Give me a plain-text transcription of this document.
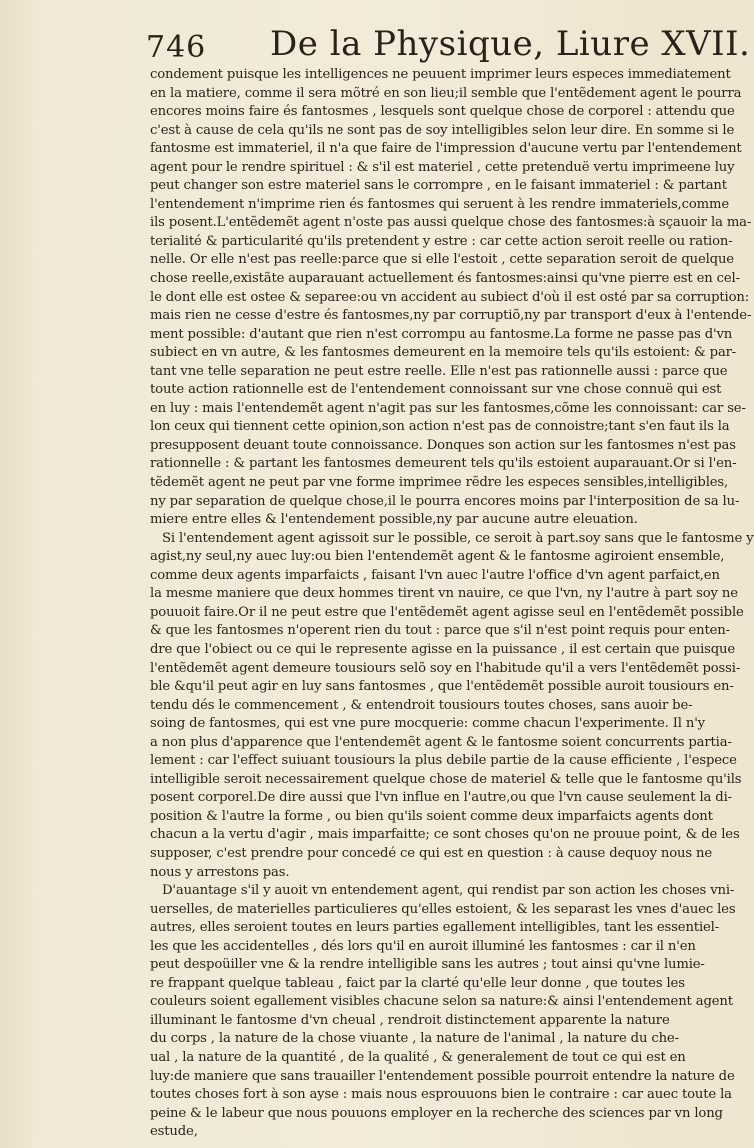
746 De la Physique, Liure XVII.
condement puisque les intelligences ne peuuent imprimer leurs especes immediatement
en la matiere, comme il sera mõtré en son lieu;il semble que l'entẽdement agent le pourra
encores moins faire és fantosmes , lesquels sont quelque chose de corporel : attendu que
c'est à cause de cela qu'ils ne sont pas de soy intelligibles selon leur dire. En somme si le
fantosme est immateriel, il n'a que faire de l'impression d'aucune vertu par l'entendement
agent pour le rendre spirituel : & s'il est materiel , cette pretenduë vertu imprimeene luy
peut changer son estre materiel sans le corrompre , en le faisant immateriel : & partant
l'entendement n'imprime rien és fantosmes qui seruent à les rendre immateriels,comme
ils posent.L'entẽdemẽt agent n'oste pas aussi quelque chose des fantosmes:à sçauoir la ma-
terialité & particularité qu'ils pretendent y estre : car cette action seroit reelle ou ration-
nelle. Or elle n'est pas reelle:parce que si elle l'estoit , cette separation seroit de quelque
chose reelle,existãte auparauant actuellement és fantosmes:ainsi qu'vne pierre est en cel-
le dont elle est ostee & separee:ou vn accident au subiect d'où il est osté par sa corruption:
mais rien ne cesse d'estre és fantosmes,ny par corruptiõ,ny par transport d'eux à l'entende-
ment possible: d'autant que rien n'est corrompu au fantosme.La forme ne passe pas d'vn
subiect en vn autre, & les fantosmes demeurent en la memoire tels qu'ils estoient: & par-
tant vne telle separation ne peut estre reelle. Elle n'est pas rationnelle aussi : parce que
toute action rationnelle est de l'entendement connoissant sur vne chose connuë qui est
en luy : mais l'entendemẽt agent n'agit pas sur les fantosmes,cõme les connoissant: car se-
lon ceux qui tiennent cette opinion,son action n'est pas de connoistre;tant s'en faut ils la
presupposent deuant toute connoissance. Donques son action sur les fantosmes n'est pas
rationnelle : & partant les fantosmes demeurent tels qu'ils estoient auparauant.Or si l'en-
tẽdemẽt agent ne peut par vne forme imprimee rẽdre les especes sensibles,intelligibles,
ny par separation de quelque chose,il le pourra encores moins par l'interposition de sa lu-
miere entre elles & l'entendement possible,ny par aucune autre eleuation.
Si l'entendement agent agissoit sur le possible, ce seroit à part.soy sans que le fantosme y
agist,ny seul,ny auec luy:ou bien l'entendemẽt agent & le fantosme agiroient ensemble,
comme deux agents imparfaicts , faisant l'vn auec l'autre l'office d'vn agent parfaict,en
la mesme maniere que deux hommes tirent vn nauire, ce que l'vn, ny l'autre à part soy ne
pouuoit faire.Or il ne peut estre que l'entẽdemẽt agent agisse seul en l'entẽdemẽt possible
& que les fantosmes n'operent rien du tout : parce que s'il n'est point requis pour enten-
dre que l'obiect ou ce qui le represente agisse en la puissance , il est certain que puisque
l'entẽdemẽt agent demeure tousiours selõ soy en l'habitude qu'il a vers l'entẽdemẽt possi-
ble &qu'il peut agir en luy sans fantosmes , que l'entẽdemẽt possible auroit tousiours en-
tendu dés le commencement , & entendroit tousiours toutes choses, sans auoir be-
soing de fantosmes, qui est vne pure mocquerie: comme chacun l'experimente. Il n'y
a non plus d'apparence que l'entendemẽt agent & le fantosme soient concurrents partia-
lement : car l'effect suiuant tousiours la plus debile partie de la cause efficiente , l'espece
intelligible seroit necessairement quelque chose de materiel & telle que le fantosme qu'ils
posent corporel.De dire aussi que l'vn influe en l'autre,ou que l'vn cause seulement la di-
position & l'autre la forme , ou bien qu'ils soient comme deux imparfaicts agents dont
chacun a la vertu d'agir , mais imparfaitte; ce sont choses qu'on ne prouue point, & de les
supposer, c'est prendre pour concedé ce qui est en question : à cause dequoy nous ne
nous y arrestons pas.
D'auantage s'il y auoit vn entendement agent, qui rendist par son action les choses vni-
uerselles, de materielles particulieres qu'elles estoient, & les separast les vnes d'auec les
autres, elles seroient toutes en leurs parties egallement intelligibles, tant les essentiel-
les que les accidentelles , dés lors qu'il en auroit illuminé les fantosmes : car il n'en
peut despoüiller vne & la rendre intelligible sans les autres ; tout ainsi qu'vne lumie-
re frappant quelque tableau , faict par la clarté qu'elle leur donne , que toutes les
couleurs soient egallement visibles chacune selon sa nature:& ainsi l'entendement agent
illuminant le fantosme d'vn cheual , rendroit distinctement apparente la nature
du corps , la nature de la chose viuante , la nature de l'animal , la nature du che-
ual , la nature de la quantité , de la qualité , & generalement de tout ce qui est en
luy:de maniere que sans trauailler l'entendement possible pourroit entendre la nature de
toutes choses fort à son ayse : mais nous esprouuons bien le contraire : car auec toute la
peine & le labeur que nous pouuons employer en la recherche des sciences par vn long
estude,
